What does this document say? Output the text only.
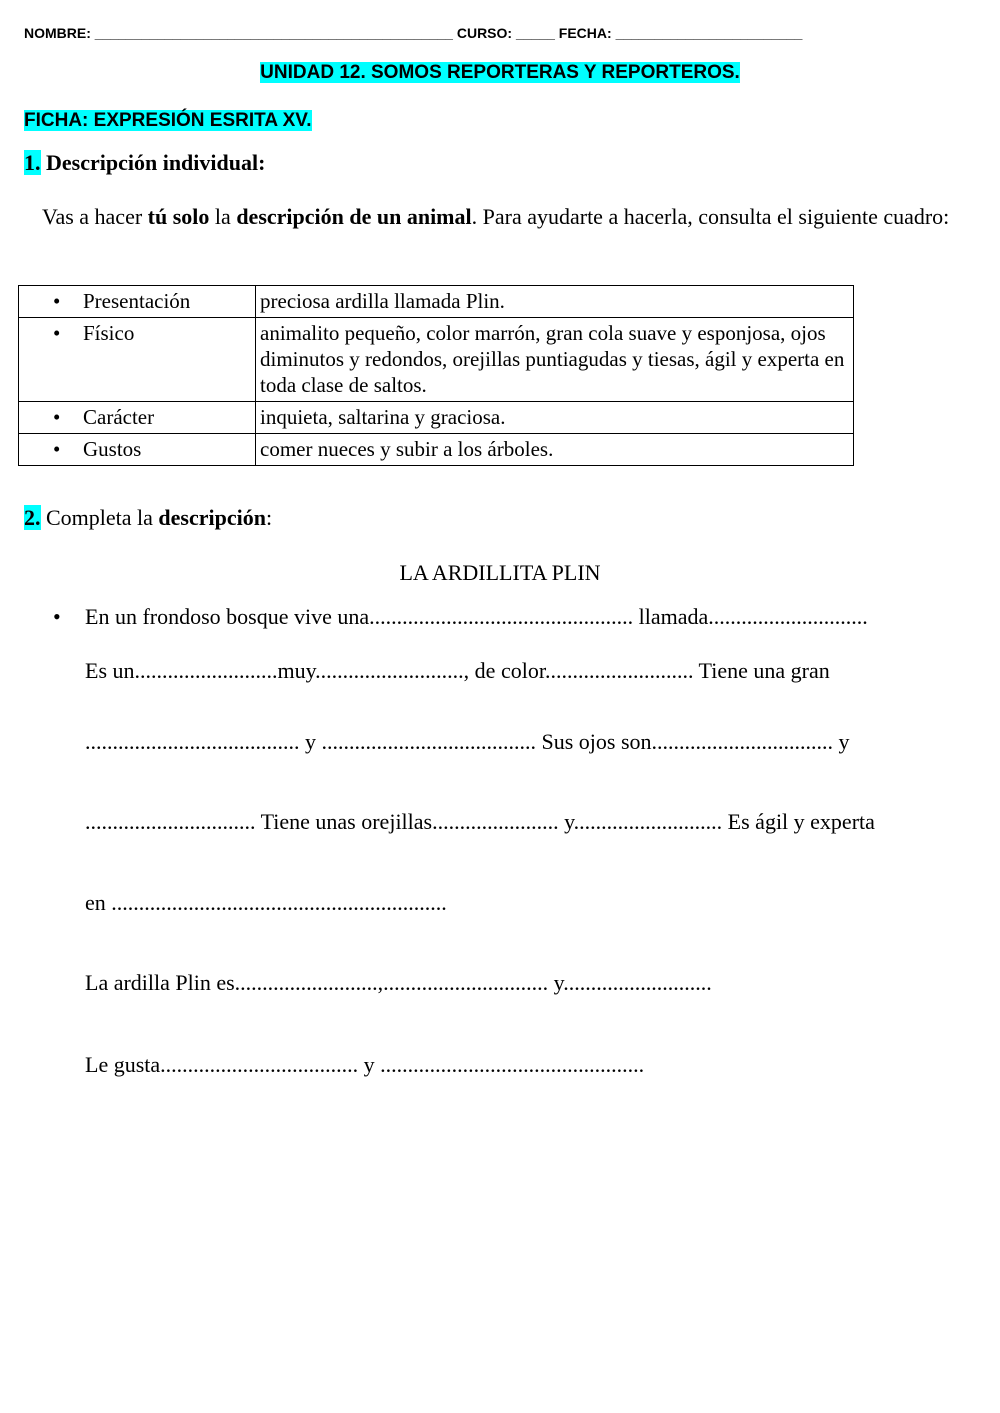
NOMBRE: ______________________________________________ CURSO: _____ FECHA: ________________________
UNIDAD 12. SOMOS REPORTERAS Y REPORTEROS.
FICHA: EXPRESIÓN ESRITA XV.
1. Descripción individual:
Vas a hacer tú solo la descripción de un animal. Para ayudarte a hacerla, consulta el siguiente cuadro:
• Presentación	preciosa ardilla llamada Plin.
• Físico	animalito pequeño, color marrón, gran cola suave y esponjosa, ojos diminutos y redondos, orejillas puntiagudas y tiesas, ágil y experta en toda clase de saltos.
• Carácter	inquieta, saltarina y graciosa.
• Gustos	comer nueces y subir a los árboles.
2. Completa la descripción:
LA ARDILLITA PLIN
• En un frondoso bosque vive una................................................ llamada.............................
Es un..........................muy..........................., de color........................... Tiene una gran
....................................... y ....................................... Sus ojos son................................. y
............................... Tiene unas orejillas....................... y........................... Es ágil y experta
en .............................................................
La ardilla Plin es..........................,.............................. y...........................
Le gusta.................................... y ................................................
